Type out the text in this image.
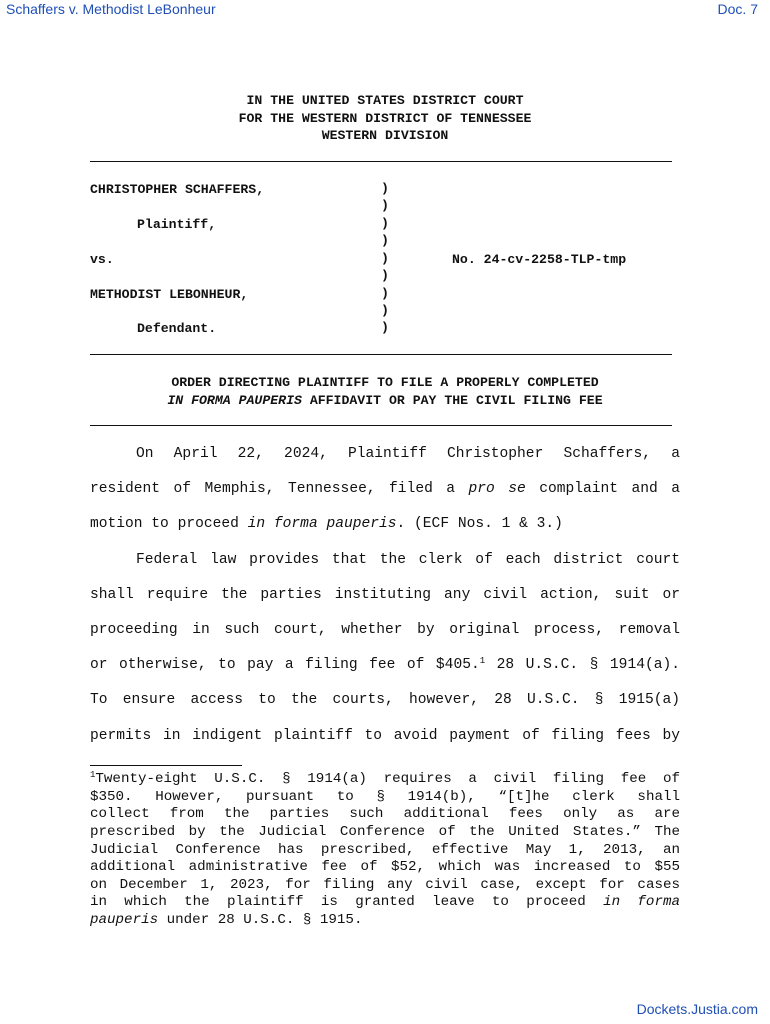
Schaffers v. Methodist LeBonheur	Doc. 7
IN THE UNITED STATES DISTRICT COURT
FOR THE WESTERN DISTRICT OF TENNESSEE
WESTERN DIVISION
CHRISTOPHER SCHAFFERS,
Plaintiff,
vs.
METHODIST LEBONHEUR,
Defendant.
No. 24-cv-2258-TLP-tmp
)
)
)
)
)
)
)
)
)
ORDER DIRECTING PLAINTIFF TO FILE A PROPERLY COMPLETED
IN FORMA PAUPERIS AFFIDAVIT OR PAY THE CIVIL FILING FEE
On April 22, 2024, Plaintiff Christopher Schaffers, a
resident of Memphis, Tennessee, filed a pro se complaint and a
motion to proceed in forma pauperis. (ECF Nos. 1 & 3.)
Federal law provides that the clerk of each district court
shall require the parties instituting any civil action, suit or
proceeding in such court, whether by original process, removal
or otherwise, to pay a filing fee of $405.$^1$ 28 U.S.C. § 1914(a).
To ensure access to the courts, however, 28 U.S.C. § 1915(a)
permits in indigent plaintiff to avoid payment of filing fees by
$^1$Twenty-eight U.S.C. § 1914(a) requires a civil filing fee of
$350. However, pursuant to § 1914(b), “[t]he clerk shall
collect from the parties such additional fees only as are
prescribed by the Judicial Conference of the United States.” The
Judicial Conference has prescribed, effective May 1, 2013, an
additional administrative fee of $52, which was increased to $55
on December 1, 2023, for filing any civil case, except for cases
in which the plaintiff is granted leave to proceed in forma
pauperis under 28 U.S.C. § 1915.
Dockets.Justia.com
